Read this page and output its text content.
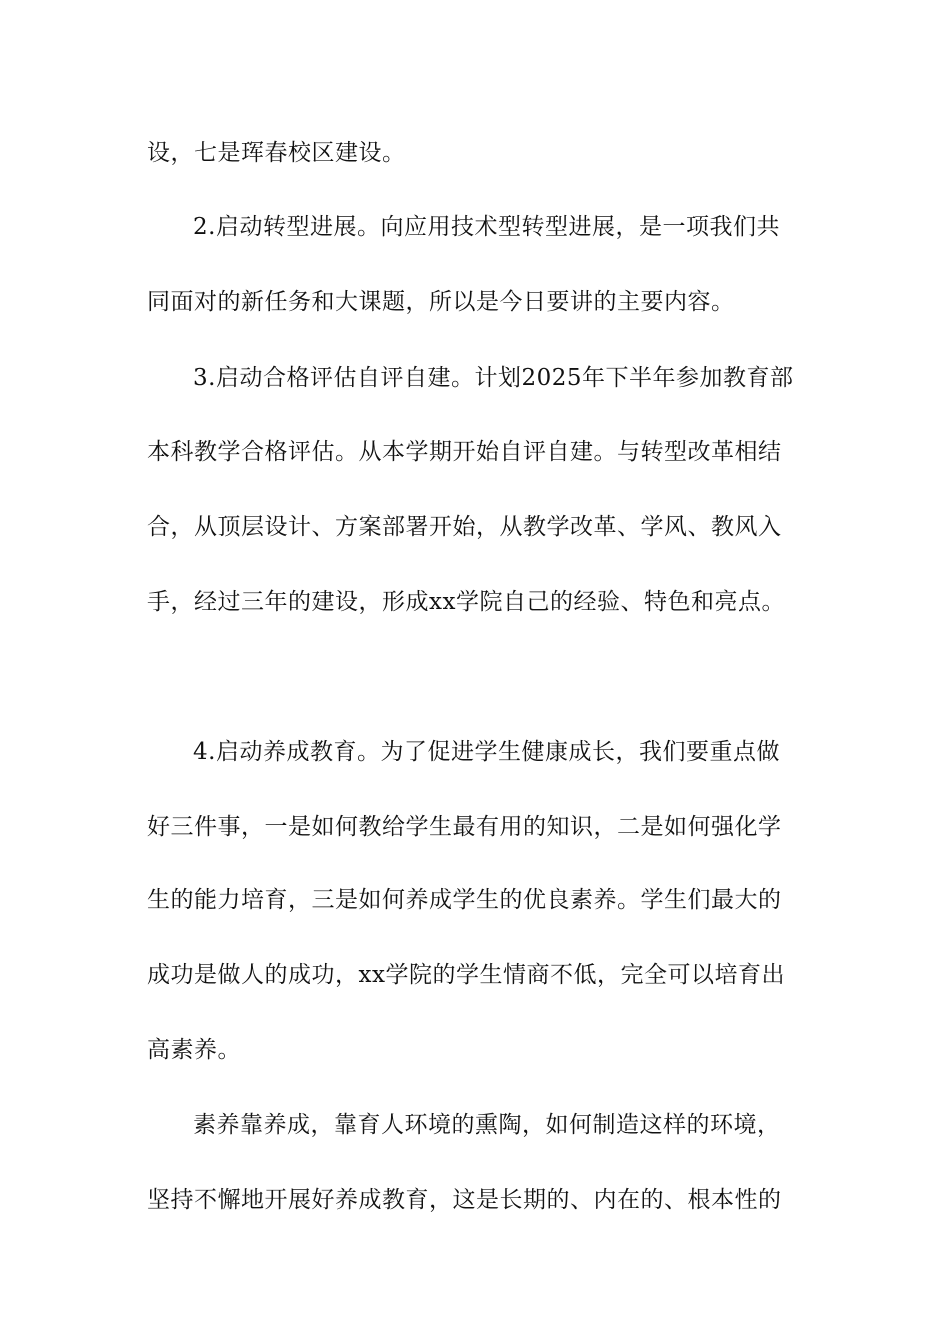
设，七是珲春校区建设。
2.启动转型进展。向应用技术型转型进展，是一项我们共
同面对的新任务和大课题，所以是今日要讲的主要内容。
3.启动合格评估自评自建。计划2025年下半年参加教育部
本科教学合格评估。从本学期开始自评自建。与转型改革相结
合，从顶层设计、方案部署开始，从教学改革、学风、教风入
手，经过三年的建设，形成xx学院自己的经验、特色和亮点。
4.启动养成教育。为了促进学生健康成长，我们要重点做
好三件事，一是如何教给学生最有用的知识，二是如何强化学
生的能力培育，三是如何养成学生的优良素养。学生们最大的
成功是做人的成功，xx学院的学生情商不低，完全可以培育出
高素养。
素养靠养成，靠育人环境的熏陶，如何制造这样的环境，
坚持不懈地开展好养成教育，这是长期的、内在的、根本性的
